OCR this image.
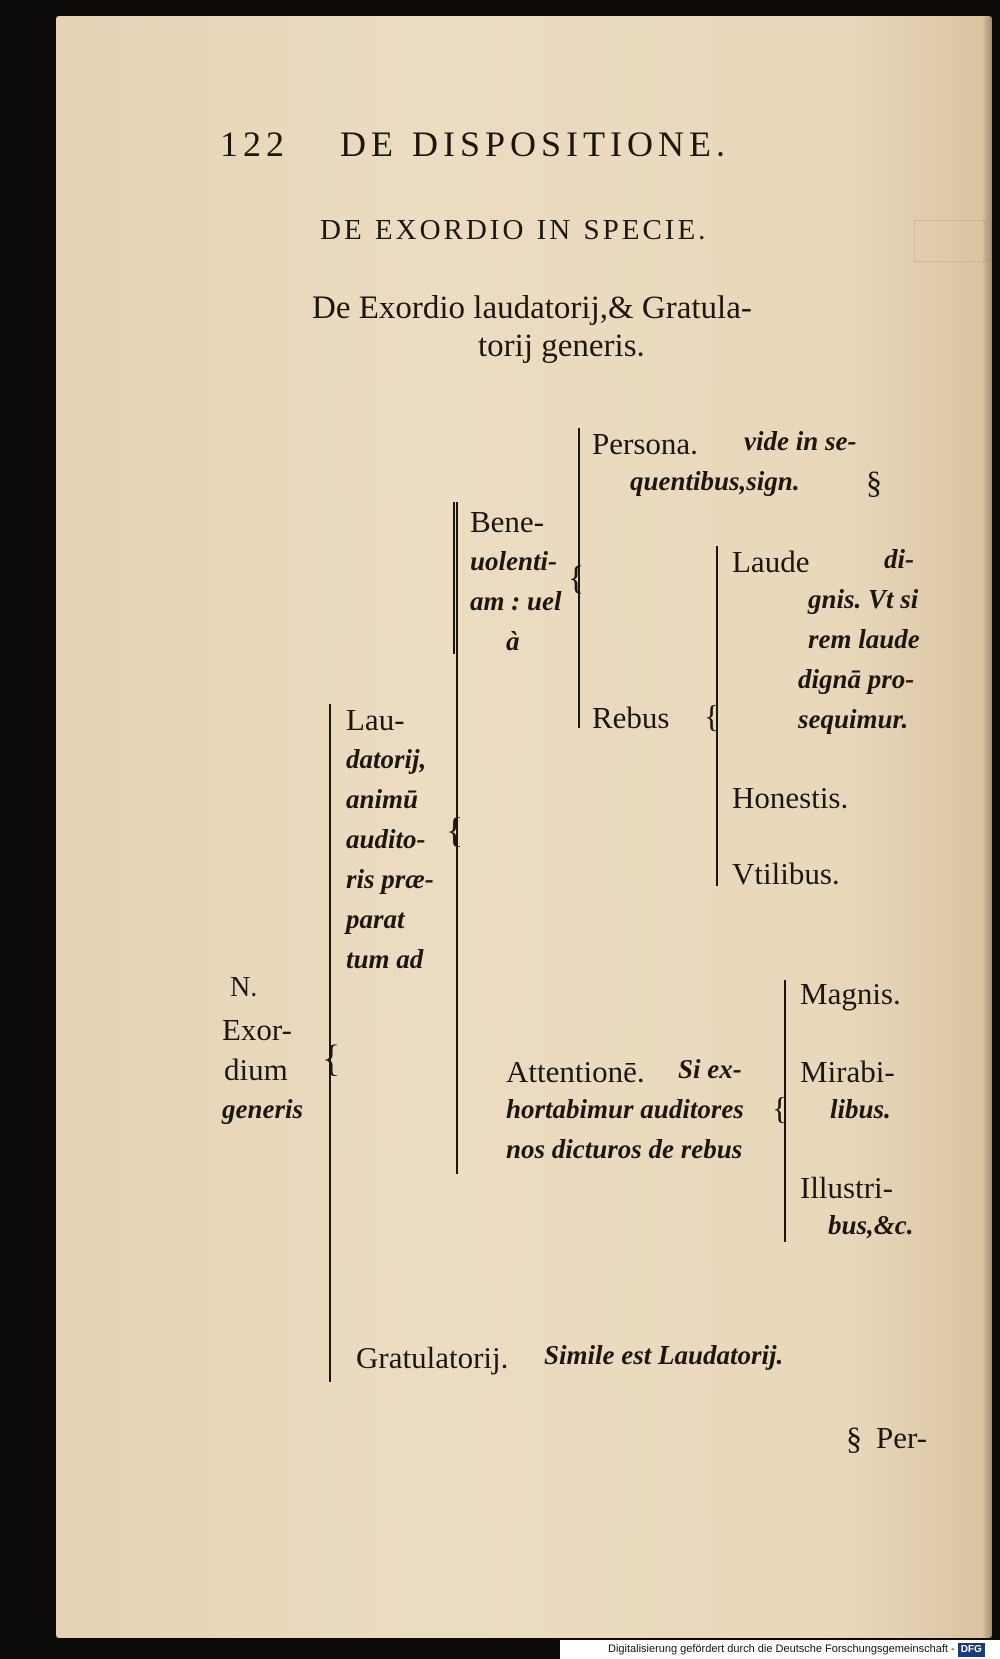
122 DE DISPOSITIONE.
DE EXORDIO IN SPECIE.
De Exordio laudatorij,& Gratula-
torij generis.
N.
Exor-
dium
generis
{
Lau-
datorij,
animū
audito-
ris præ-
parat
tum ad
{
Bene-
uolenti-
am : uel
à
{
Persona. vide in se-
quentibus,sign. §
Rebus {
Laude	di-
gnis. Vt si
rem laude
dignā pro-
sequimur.
Honestis.
Vtilibus.
Attentionē. Si ex-
hortabimur auditores
nos dicturos de rebus
{
Magnis.
Mirabi-
libus.
Illustri-
bus,&c.
Gratulatorij. Simile est Laudatorij.
§ Per-
Digitalisierung gefördert durch die Deutsche Forschungsgemeinschaft - DFG
